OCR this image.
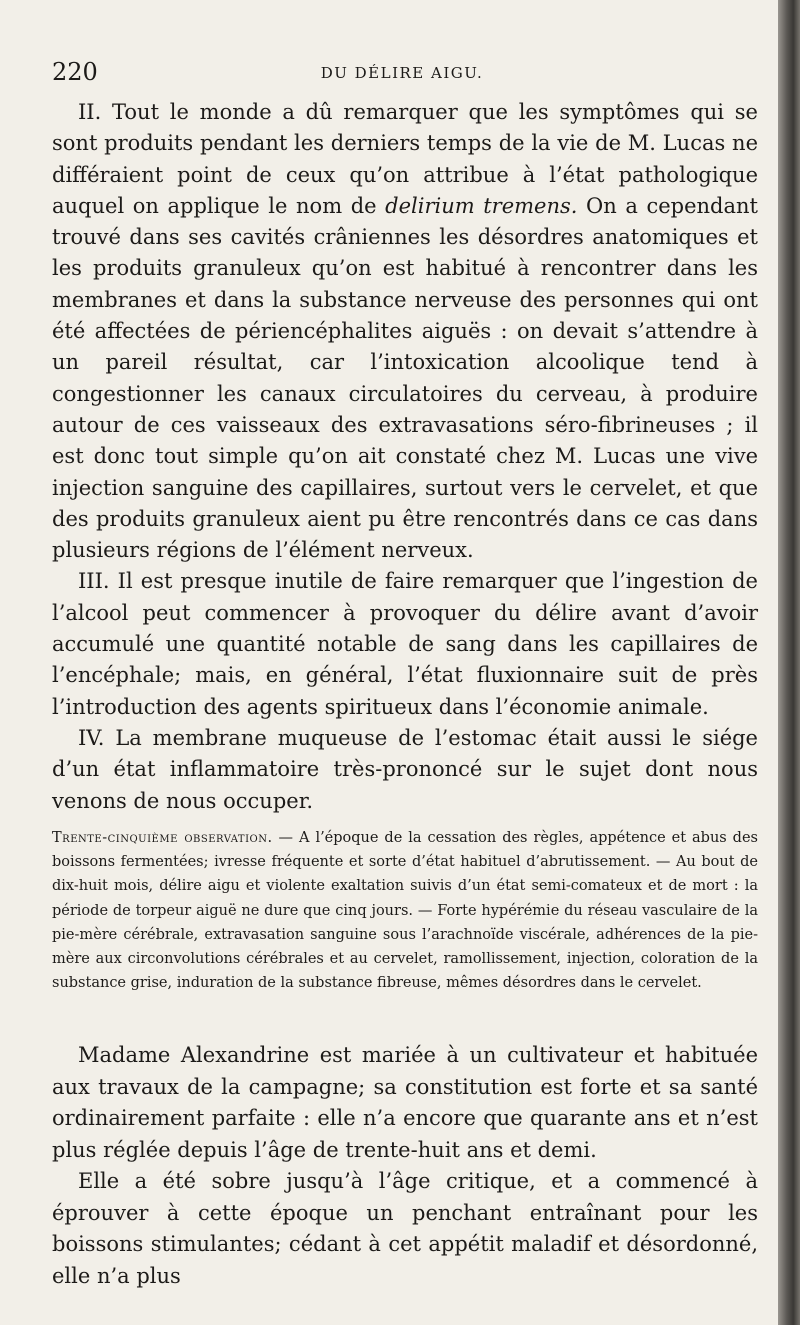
220	DU DÉLIRE AIGU.

II. Tout le monde a dû remarquer que les symptômes qui se sont produits pendant les derniers temps de la vie de M. Lucas ne différaient point de ceux qu’on attribue à l’état pathologique auquel on applique le nom de delirium tremens. On a cependant trouvé dans ses cavités crâniennes les désordres anatomiques et les produits granuleux qu’on est habitué à rencontrer dans les membranes et dans la substance nerveuse des personnes qui ont été affectées de périencéphalites aiguës : on devait s’attendre à un pareil résultat, car l’intoxication alcoolique tend à congestionner les canaux circulatoires du cerveau, à produire autour de ces vaisseaux des extravasations séro-fibrineuses ; il est donc tout simple qu’on ait constaté chez M. Lucas une vive injection sanguine des capillaires, surtout vers le cervelet, et que des produits granuleux aient pu être rencontrés dans ce cas dans plusieurs régions de l’élément nerveux.

III. Il est presque inutile de faire remarquer que l’ingestion de l’alcool peut commencer à provoquer du délire avant d’avoir accumulé une quantité notable de sang dans les capillaires de l’encéphale; mais, en général, l’état fluxionnaire suit de près l’introduction des agents spiritueux dans l’économie animale.

IV. La membrane muqueuse de l’estomac était aussi le siége d’un état inflammatoire très-prononcé sur le sujet dont nous venons de nous occuper.

Trente-cinquième observation. — A l’époque de la cessation des règles, appétence et abus des boissons fermentées; ivresse fréquente et sorte d’état habituel d’abrutissement. — Au bout de dix-huit mois, délire aigu et violente exaltation suivis d’un état semi-comateux et de mort : la période de torpeur aiguë ne dure que cinq jours. — Forte hypérémie du réseau vasculaire de la pie-mère cérébrale, extravasation sanguine sous l’arachnoïde viscérale, adhérences de la pie-mère aux circonvolutions cérébrales et au cervelet, ramollissement, injection, coloration de la substance grise, induration de la substance fibreuse, mêmes désordres dans le cervelet.

Madame Alexandrine est mariée à un cultivateur et habituée aux travaux de la campagne; sa constitution est forte et sa santé ordinairement parfaite : elle n’a encore que quarante ans et n’est plus réglée depuis l’âge de trente-huit ans et demi.

Elle a été sobre jusqu’à l’âge critique, et a commencé à éprouver à cette époque un penchant entraînant pour les boissons stimulantes; cédant à cet appétit maladif et désordonné, elle n’a plus
